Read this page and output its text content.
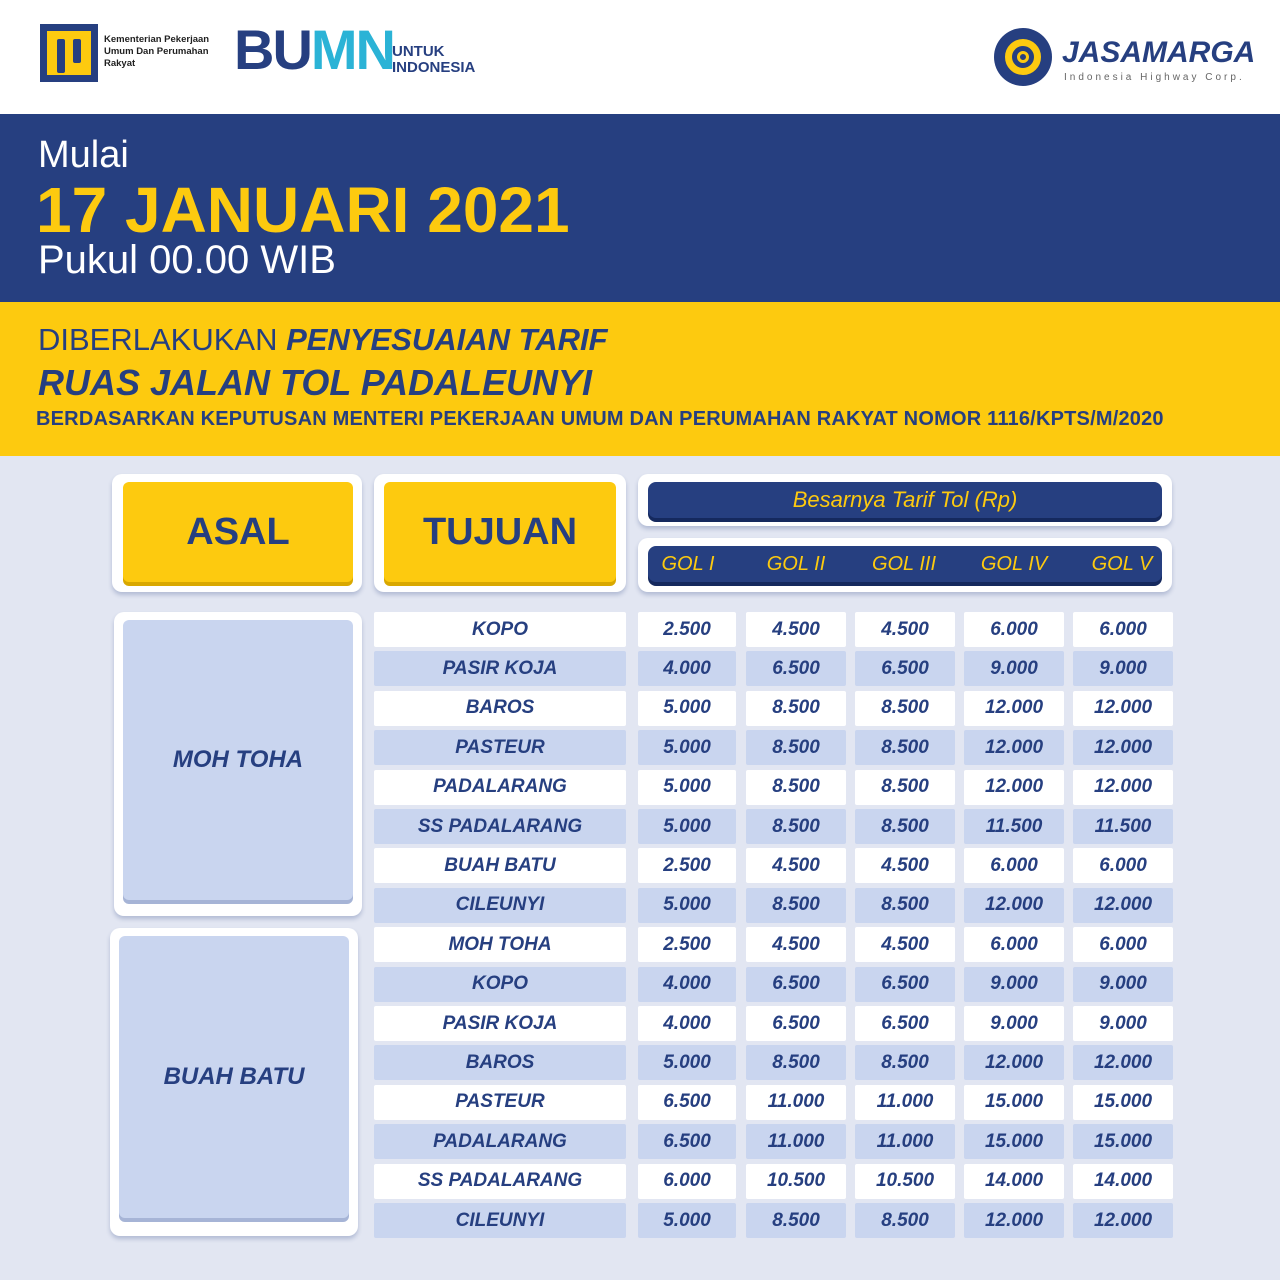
Kementerian Pekerjaan Umum Dan Perumahan Rakyat	BUMN
UNTUK
INDONESIA	JASAMARGA
Indonesia Highway Corp.
Mulai
17 JANUARI 2021
Pukul 00.00 WIB
DIBERLAKUKAN PENYESUAIAN TARIF
RUAS JALAN TOL PADALEUNYI
BERDASARKAN KEPUTUSAN MENTERI PEKERJAAN UMUM DAN PERUMAHAN RAKYAT NOMOR 1116/KPTS/M/2020
ASAL	TUJUAN
Besarnya Tarif Tol (Rp)
GOL I	GOL II	GOL III	GOL IV	GOL V
MOH TOHA
BUAH BATU
KOPO	2.500	4.500	4.500	6.000	6.000
PASIR KOJA	4.000	6.500	6.500	9.000	9.000
BAROS	5.000	8.500	8.500	12.000	12.000
PASTEUR	5.000	8.500	8.500	12.000	12.000
PADALARANG	5.000	8.500	8.500	12.000	12.000
SS PADALARANG	5.000	8.500	8.500	11.500	11.500
BUAH BATU	2.500	4.500	4.500	6.000	6.000
CILEUNYI	5.000	8.500	8.500	12.000	12.000
MOH TOHA	2.500	4.500	4.500	6.000	6.000
KOPO	4.000	6.500	6.500	9.000	9.000
PASIR KOJA	4.000	6.500	6.500	9.000	9.000
BAROS	5.000	8.500	8.500	12.000	12.000
PASTEUR	6.500	11.000	11.000	15.000	15.000
PADALARANG	6.500	11.000	11.000	15.000	15.000
SS PADALARANG	6.000	10.500	10.500	14.000	14.000
CILEUNYI	5.000	8.500	8.500	12.000	12.000
